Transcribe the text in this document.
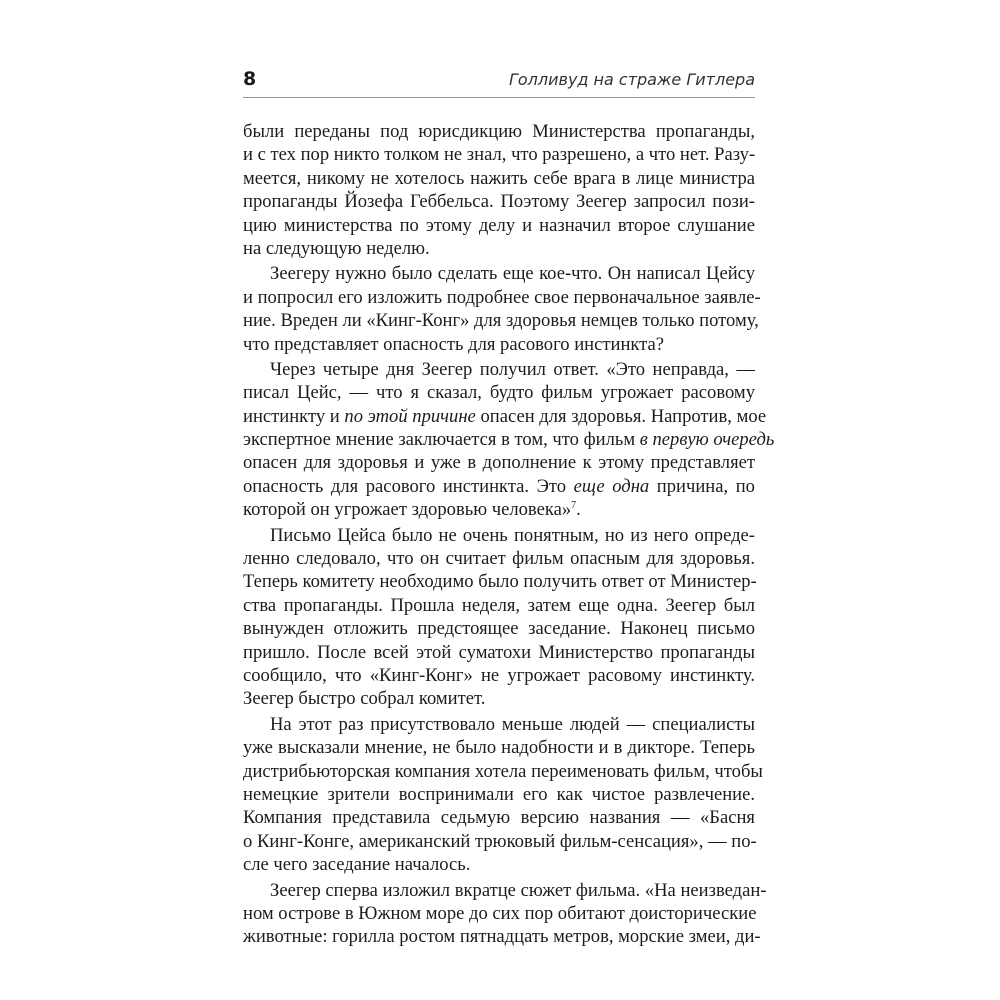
8	Голливуд на страже Гитлера
были переданы под юрисдикцию Министерства пропаганды,
и с тех пор никто толком не знал, что разрешено, а что нет. Разу-
меется, никому не хотелось нажить себе врага в лице министра
пропаганды Йозефа Геббельса. Поэтому Зеегер запросил пози-
цию министерства по этому делу и назначил второе слушание
на следующую неделю.
Зеегеру нужно было сделать еще кое-что. Он написал Цейсу
и попросил его изложить подробнее свое первоначальное заявле-
ние. Вреден ли «Кинг-Конг» для здоровья немцев только потому,
что представляет опасность для расового инстинкта?
Через четыре дня Зеегер получил ответ. «Это неправда, —
писал Цейс, — что я сказал, будто фильм угрожает расовому
инстинкту и по этой причине опасен для здоровья. Напротив, мое
экспертное мнение заключается в том, что фильм в первую очередь
опасен для здоровья и уже в дополнение к этому представляет
опасность для расового инстинкта. Это еще одна причина, по
которой он угрожает здоровью человека»$^7$.
Письмо Цейса было не очень понятным, но из него опреде-
ленно следовало, что он считает фильм опасным для здоровья.
Теперь комитету необходимо было получить ответ от Министер-
ства пропаганды. Прошла неделя, затем еще одна. Зеегер был
вынужден отложить предстоящее заседание. Наконец письмо
пришло. После всей этой суматохи Министерство пропаганды
сообщило, что «Кинг-Конг» не угрожает расовому инстинкту.
Зеегер быстро собрал комитет.
На этот раз присутствовало меньше людей — специалисты
уже высказали мнение, не было надобности и в дикторе. Теперь
дистрибьюторская компания хотела переименовать фильм, чтобы
немецкие зрители воспринимали его как чистое развлечение.
Компания представила седьмую версию названия — «Басня
о Кинг-Конге, американский трюковый фильм-сенсация», — по-
сле чего заседание началось.
Зеегер сперва изложил вкратце сюжет фильма. «На неизведан-
ном острове в Южном море до сих пор обитают доисторические
животные: горилла ростом пятнадцать метров, морские змеи, ди-
